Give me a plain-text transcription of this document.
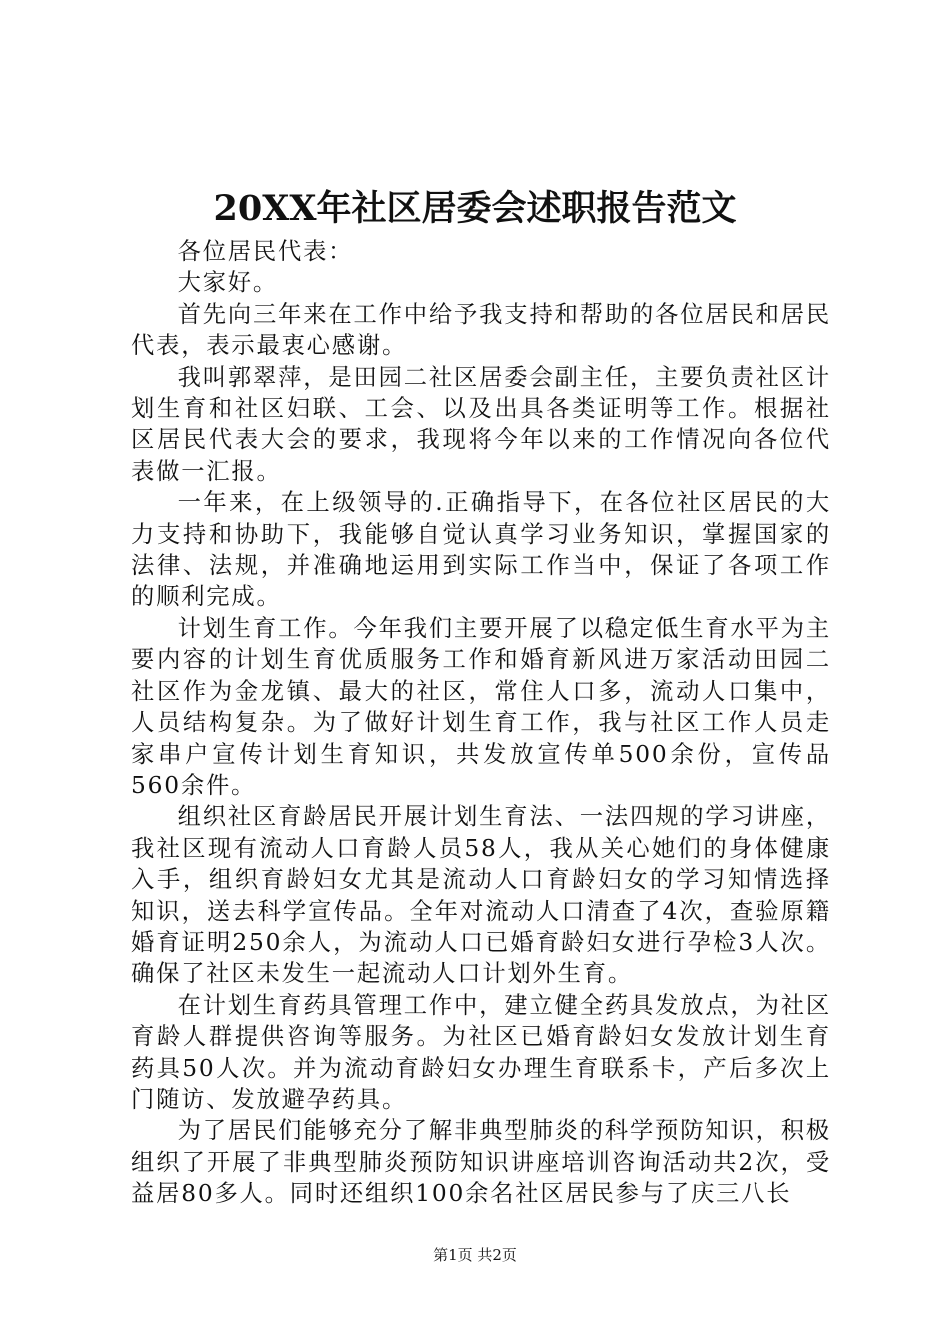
20XX年社区居委会述职报告范文

各位居民代表：

大家好。

首先向三年来在工作中给予我支持和帮助的各位居民和居民代表，表示最衷心感谢。

我叫郭翠萍，是田园二社区居委会副主任，主要负责社区计划生育和社区妇联、工会、以及出具各类证明等工作。根据社区居民代表大会的要求，我现将今年以来的工作情况向各位代表做一汇报。

一年来，在上级领导的.正确指导下，在各位社区居民的大力支持和协助下，我能够自觉认真学习业务知识，掌握国家的法律、法规，并准确地运用到实际工作当中，保证了各项工作的顺利完成。

计划生育工作。今年我们主要开展了以稳定低生育水平为主要内容的计划生育优质服务工作和婚育新风进万家活动田园二社区作为金龙镇、最大的社区，常住人口多，流动人口集中，人员结构复杂。为了做好计划生育工作，我与社区工作人员走家串户宣传计划生育知识，共发放宣传单500余份，宣传品560余件。

组织社区育龄居民开展计划生育法、一法四规的学习讲座，我社区现有流动人口育龄人员58人，我从关心她们的身体健康入手，组织育龄妇女尤其是流动人口育龄妇女的学习知情选择知识，送去科学宣传品。全年对流动人口清查了4次，查验原籍婚育证明250余人，为流动人口已婚育龄妇女进行孕检3人次。确保了社区未发生一起流动人口计划外生育。

在计划生育药具管理工作中，建立健全药具发放点，为社区育龄人群提供咨询等服务。为社区已婚育龄妇女发放计划生育药具50人次。并为流动育龄妇女办理生育联系卡，产后多次上门随访、发放避孕药具。

为了居民们能够充分了解非典型肺炎的科学预防知识，积极组织了开展了非典型肺炎预防知识讲座培训咨询活动共2次，受益居80多人。同时还组织100余名社区居民参与了庆三八长

第1页 共2页
